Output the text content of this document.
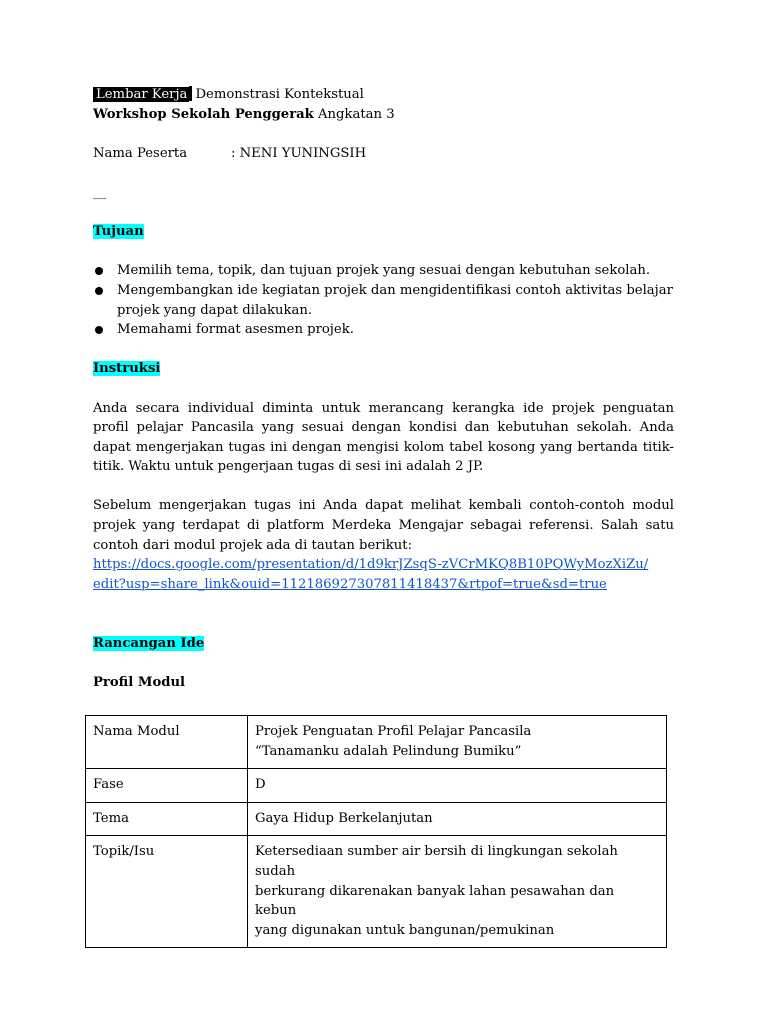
Lembar Kerja Demonstrasi Kontekstual
Workshop Sekolah Penggerak Angkatan 3
Nama Peserta	: NENI YUNINGSIH
__
Tujuan
Memilih tema, topik, dan tujuan projek yang sesuai dengan kebutuhan sekolah.
Mengembangkan ide kegiatan projek dan mengidentifikasi contoh aktivitas belajar
projek yang dapat dilakukan.
Memahami format asesmen projek.
Instruksi
Anda secara individual diminta untuk merancang kerangka ide projek penguatan profil pelajar Pancasila yang sesuai dengan kondisi dan kebutuhan sekolah. Anda dapat mengerjakan tugas ini dengan mengisi kolom tabel kosong yang bertanda titik-titik. Waktu untuk pengerjaan tugas di sesi ini adalah 2 JP.
Sebelum mengerjakan tugas ini Anda dapat melihat kembali contoh-contoh modul projek yang terdapat di platform Merdeka Mengajar sebagai referensi. Salah satu contoh dari modul projek ada di tautan berikut:
https://docs.google.com/presentation/d/1d9krJZsqS-zVCrMKQ8B10PQWyMozXiZu/
edit?usp=share_link&ouid=112186927307811418437&rtpof=true&sd=true
Rancangan Ide
Profil Modul
Nama Modul	Projek Penguatan Profil Pelajar Pancasila
“Tanamanku adalah Pelindung Bumiku”

Fase	D
Tema	Gaya Hidup Berkelanjutan
Topik/Isu	Ketersediaan sumber air bersih di lingkungan sekolah sudah
berkurang dikarenakan banyak lahan pesawahan dan kebun
yang digunakan untuk bangunan/pemukinan
